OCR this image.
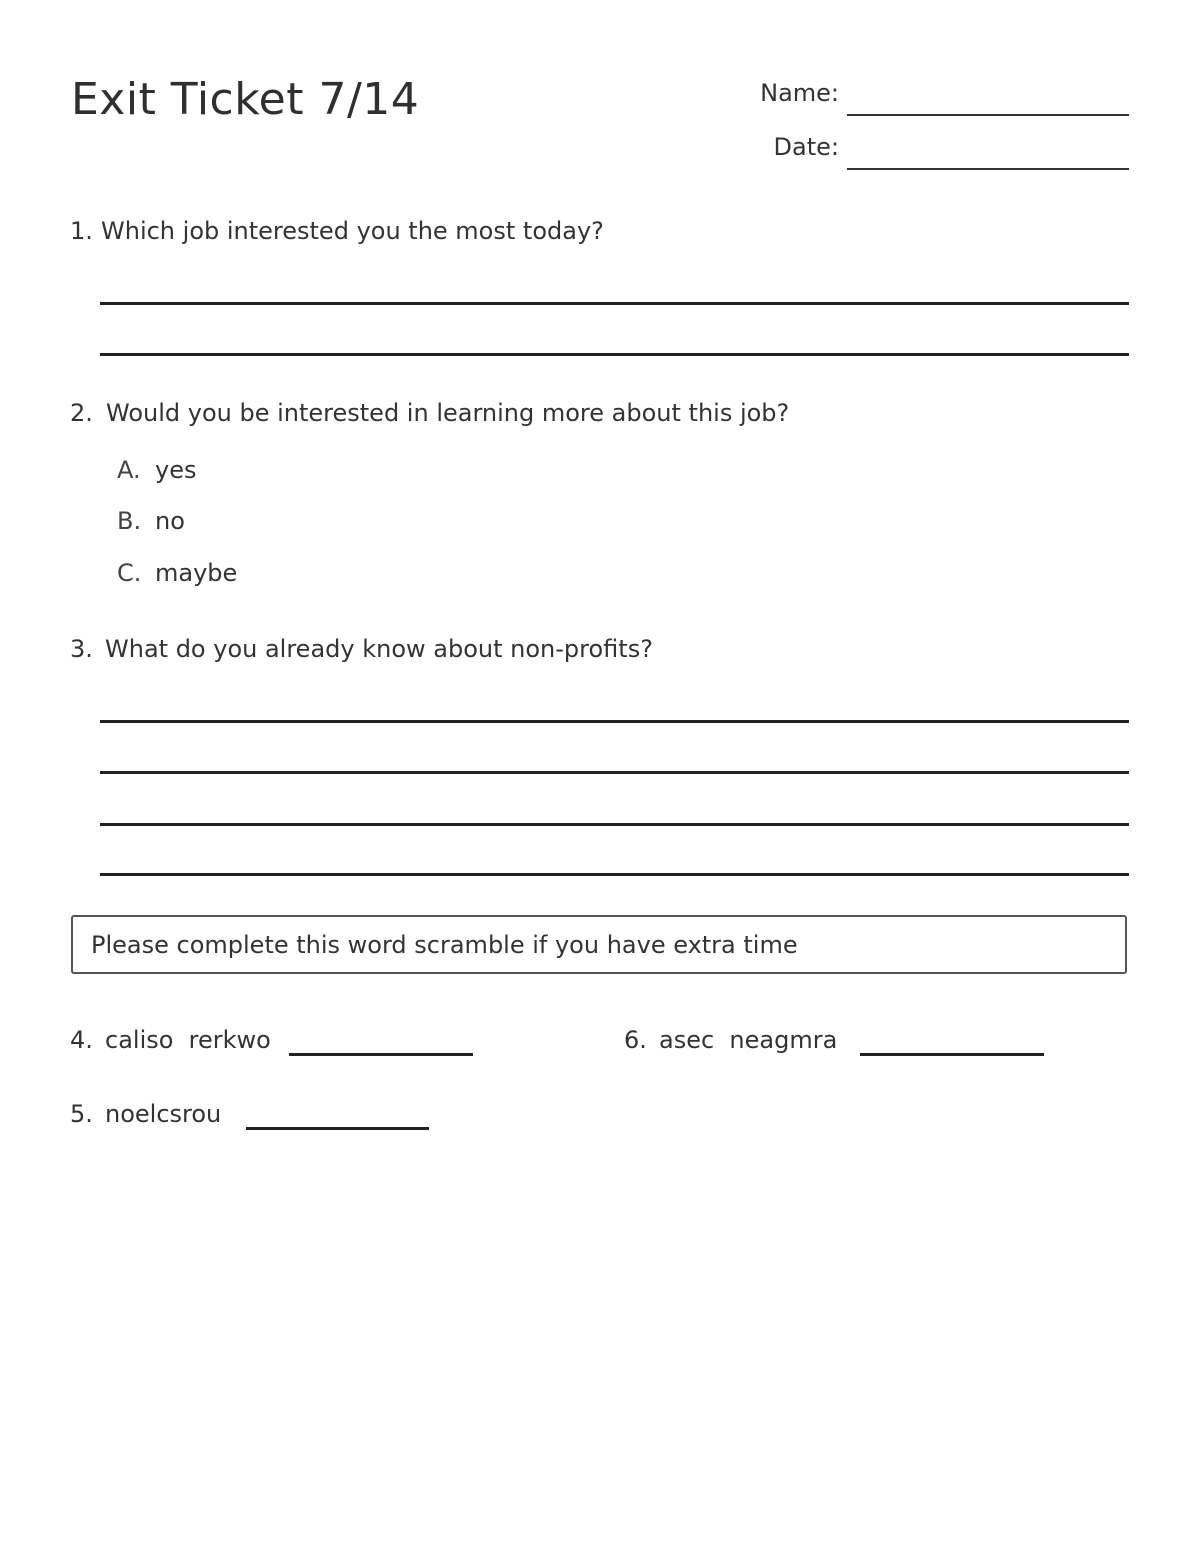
Exit Ticket 7/14	Name:
Date:
1. Which job interested you the most today?
2. Would you be interested in learning more about this job?
A. yes
B. no
C. maybe
3. What do you already know about non-profits?
Please complete this word scramble if you have extra time
4. caliso  rerkwo
5. noelcsrou
6. asec  neagmra
